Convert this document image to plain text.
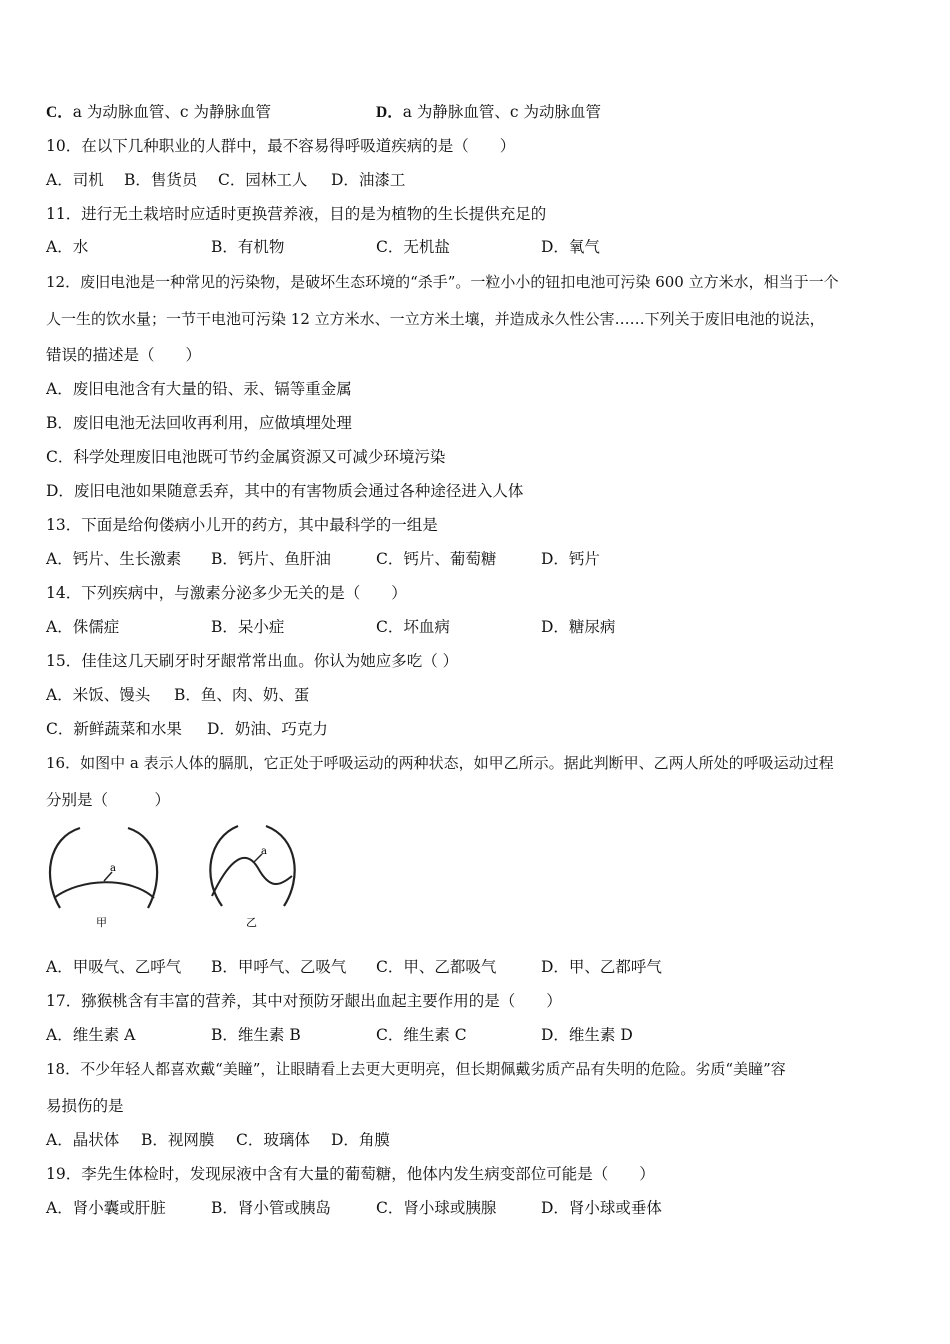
C．a 为动脉血管、c 为静脉血管	D．a 为静脉血管、c 为动脉血管
10．在以下几种职业的人群中，最不容易得呼吸道疾病的是（　　）
A．司机 B．售货员 C．园林工人 D．油漆工
11．进行无土栽培时应适时更换营养液，目的是为植物的生长提供充足的
A．水	B．有机物	C．无机盐	D．氧气
12．废旧电池是一种常见的污染物，是破坏生态环境的“杀手”。一粒小小的钮扣电池可污染 600 立方米水，相当于一个
人一生的饮水量；一节干电池可污染 12 立方米水、一立方米土壤，并造成永久性公害……下列关于废旧电池的说法，
错误的描述是（　　）
A．废旧电池含有大量的铅、汞、镉等重金属
B．废旧电池无法回收再利用，应做填埋处理
C．科学处理废旧电池既可节约金属资源又可减少环境污染
D．废旧电池如果随意丢弃，其中的有害物质会通过各种途径进入人体
13．下面是给佝偻病小儿开的药方，其中最科学的一组是
A．钙片、生长激素 B．钙片、鱼肝油	C．钙片、葡萄糖	D．钙片
14．下列疾病中，与激素分泌多少无关的是（　　）
A．侏儒症	B．呆小症	C．坏血病	D．糖尿病
15．佳佳这几天刷牙时牙龈常常出血。你认为她应多吃（ ）
A．米饭、馒头 B．鱼、肉、奶、蛋
C．新鲜蔬菜和水果 D．奶油、巧克力
16．如图中 a 表示人体的膈肌，它正处于呼吸运动的两种状态，如甲乙所示。据此判断甲、乙两人所处的呼吸运动过程
分别是（　　　）
a
甲
a
乙
A．甲吸气、乙呼气 B．甲呼气、乙吸气 C．甲、乙都吸气	D．甲、乙都呼气
17．猕猴桃含有丰富的营养，其中对预防牙龈出血起主要作用的是（　　）
A．维生素 A	B．维生素 B	C．维生素 C	D．维生素 D
18．不少年轻人都喜欢戴“美瞳”，让眼睛看上去更大更明亮，但长期佩戴劣质产品有失明的危险。劣质“美瞳”容
易损伤的是
A．晶状体 B．视网膜 C．玻璃体 D．角膜
19．李先生体检时，发现尿液中含有大量的葡萄糖，他体内发生病变部位可能是（　　）
A．肾小囊或肝脏	B．肾小管或胰岛	C．肾小球或胰腺	D．肾小球或垂体
